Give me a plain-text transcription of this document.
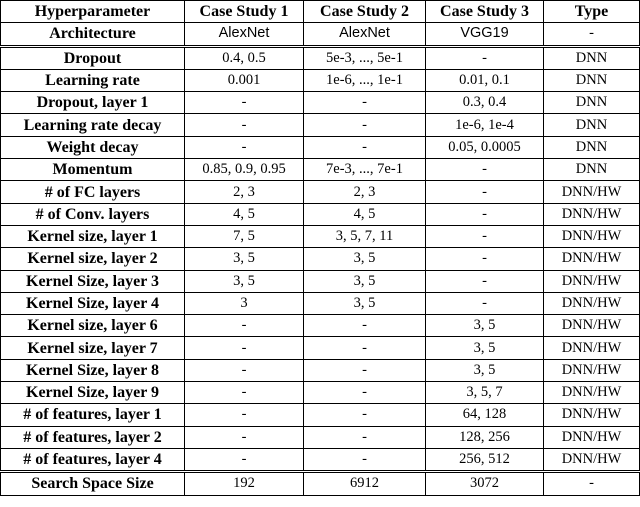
Hyperparameter	Case Study 1	Case Study 2	Case Study 3	Type
Architecture	AlexNet	AlexNet	VGG19	-
Dropout	0.4, 0.5	5e-3, ..., 5e-1	-	DNN
Learning rate	0.001	1e-6, ..., 1e-1	0.01, 0.1	DNN
Dropout, layer 1	-	-	0.3, 0.4	DNN
Learning rate decay	-	-	1e-6, 1e-4	DNN
Weight decay	-	-	0.05, 0.0005	DNN
Momentum	0.85, 0.9, 0.95	7e-3, ..., 7e-1	-	DNN
# of FC layers	2, 3	2, 3	-	DNN/HW
# of Conv. layers	4, 5	4, 5	-	DNN/HW
Kernel size, layer 1	7, 5	3, 5, 7, 11	-	DNN/HW
Kernel size, layer 2	3, 5	3, 5	-	DNN/HW
Kernel Size, layer 3	3, 5	3, 5	-	DNN/HW
Kernel Size, layer 4	3	3, 5	-	DNN/HW
Kernel size, layer 6	-	-	3, 5	DNN/HW
Kernel size, layer 7	-	-	3, 5	DNN/HW
Kernel Size, layer 8	-	-	3, 5	DNN/HW
Kernel Size, layer 9	-	-	3, 5, 7	DNN/HW
# of features, layer 1	-	-	64, 128	DNN/HW
# of features, layer 2	-	-	128, 256	DNN/HW
# of features, layer 4	-	-	256, 512	DNN/HW
Search Space Size	192	6912	3072	-
